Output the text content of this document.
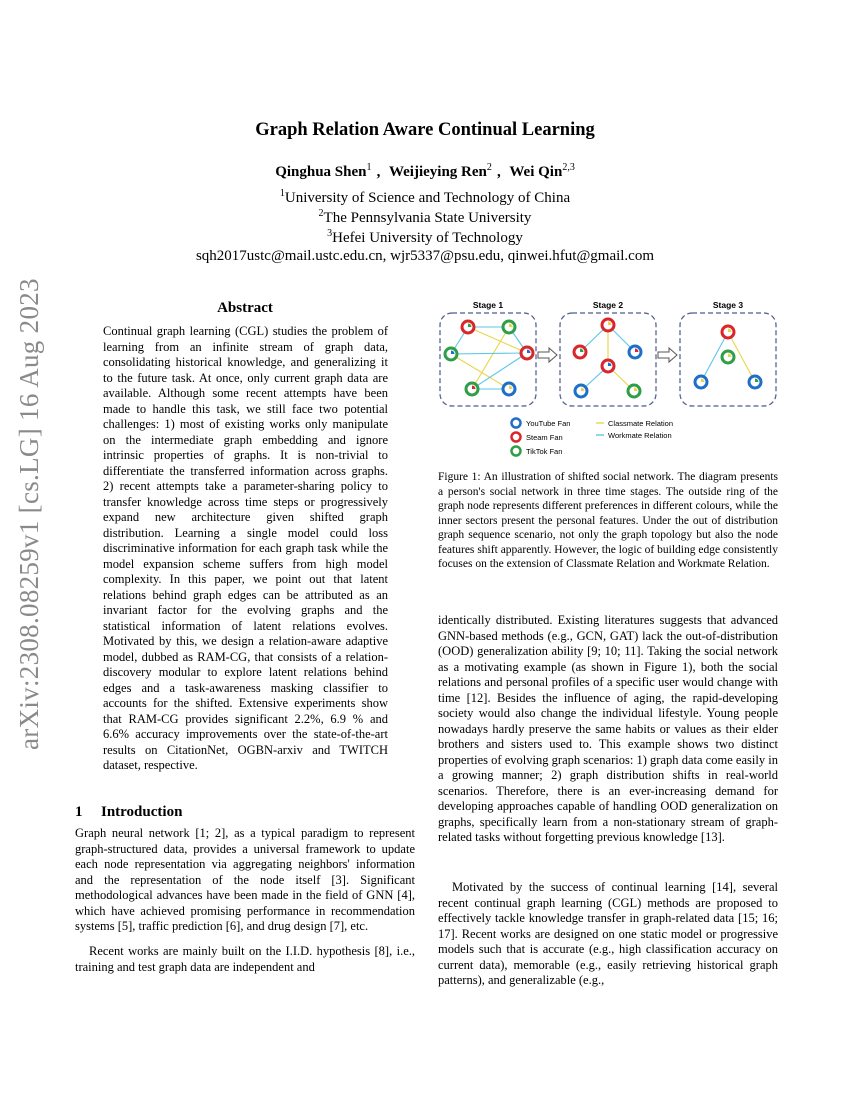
arXiv:2308.08259v1 [cs.LG] 16 Aug 2023
Graph Relation Aware Continual Learning
Qinghua Shen$^1$ , Weijieying Ren$^2$ , Wei Qin$^{2,3}$
$^1$University of Science and Technology of China
$^2$The Pennsylvania State University
$^3$Hefei University of Technology
sqh2017ustc@mail.ustc.edu.cn, wjr5337@psu.edu, qinwei.hfut@gmail.com
Abstract
Continual graph learning (CGL) studies the problem of learning from an infinite stream of graph data, consolidating historical knowledge, and generalizing it to the future task. At once, only current graph data are available. Although some recent attempts have been made to handle this task, we still face two potential challenges: 1) most of existing works only manipulate on the intermediate graph embedding and ignore intrinsic properties of graphs. It is non-trivial to differentiate the transferred information across graphs. 2) recent attempts take a parameter-sharing policy to transfer knowledge across time steps or progressively expand new architecture given shifted graph distribution. Learning a single model could loss discriminative information for each graph task while the model expansion scheme suffers from high model complexity. In this paper, we point out that latent relations behind graph edges can be attributed as an invariant factor for the evolving graphs and the statistical information of latent relations evolves. Motivated by this, we design a relation-aware adaptive model, dubbed as RAM-CG, that consists of a relation-discovery modular to explore latent relations behind edges and a task-awareness masking classifier to accounts for the shifted. Extensive experiments show that RAM-CG provides significant 2.2%, 6.9 % and 6.6% accuracy improvements over the state-of-the-art results on CitationNet, OGBN-arxiv and TWITCH dataset, respective.
1 Introduction
Graph neural network [1; 2], as a typical paradigm to represent graph-structured data, provides a universal framework to update each node representation via aggregating neighbors' information and the representation of the node itself [3]. Significant methodological advances have been made in the field of GNN [4], which have achieved promising performance in recommendation systems [5], traffic prediction [6], and drug design [7], etc.
Recent works are mainly built on the I.I.D. hypothesis [8], i.e., training and test graph data are independent and
Stage 1	Stage 2	Stage 3
YouTube Fan
Steam Fan
TikTok Fan
Classmate Relation
Workmate Relation
Figure 1: An illustration of shifted social network. The diagram presents a person's social network in three time stages. The outside ring of the graph node represents different preferences in different colours, while the inner sectors present the personal features. Under the out of distribution graph sequence scenario, not only the graph topology but also the node features shift apparently. However, the logic of building edge consistently focuses on the extension of Classmate Relation and Workmate Relation.
identically distributed. Existing literatures suggests that advanced GNN-based methods (e.g., GCN, GAT) lack the out-of-distribution (OOD) generalization ability [9; 10; 11]. Taking the social network as a motivating example (as shown in Figure 1), both the social relations and personal profiles of a specific user would change with time [12]. Besides the influence of aging, the rapid-developing society would also change the individual lifestyle. Young people nowadays hardly preserve the same habits or values as their elder brothers and sisters used to. This example shows two distinct properties of evolving graph scenarios: 1) graph data come easily in a growing manner; 2) graph distribution shifts in real-world scenarios. Therefore, there is an ever-increasing demand for developing approaches capable of handling OOD generalization on graphs, specifically learn from a non-stationary stream of graph-related tasks without forgetting previous knowledge [13].
Motivated by the success of continual learning [14], several recent continual graph learning (CGL) methods are proposed to effectively tackle knowledge transfer in graph-related data [15; 16; 17]. Recent works are designed on one static model or progressive models such that is accurate (e.g., high classification accuracy on current data), memorable (e.g., easily retrieving historical graph patterns), and generalizable (e.g.,
